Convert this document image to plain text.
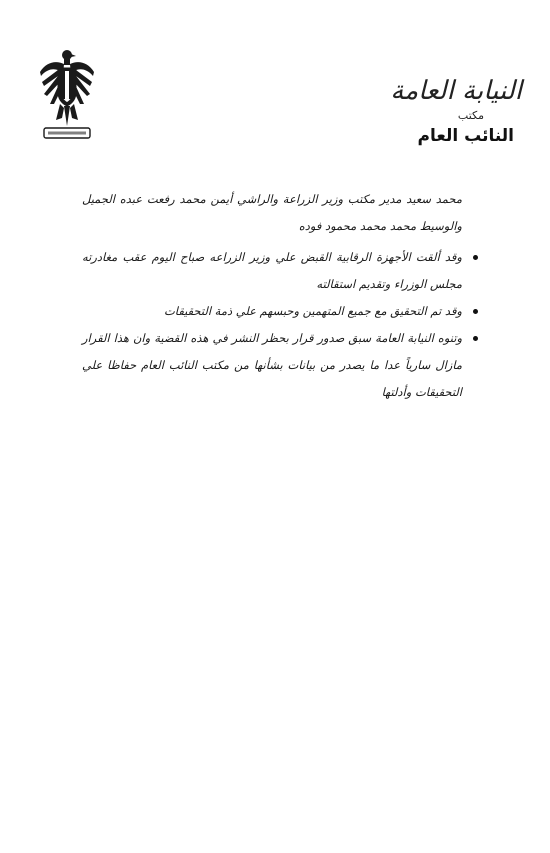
النيابة العامة
مكتب
النائب العام

محمد سعيد مدير مكتب وزير الزراعة والراشي أيمن محمد رفعت عبده الجميل والوسيط محمد محمد محمود فوده

وقد ألقت الأجهزة الرقابية القبض علي وزير الزراعه صباح اليوم عقب مغادرته مجلس الوزراء وتقديم استقالته

وقد تم التحقيق مع جميع المتهمين وحبسهم علي ذمة التحقيقات

وتنوه النيابة العامة سبق صدور قرار بحظر النشر في هذه القضية وان هذا القرار مازال سارياً عدا ما يصدر من بيانات بشأنها من مكتب النائب العام حفاظا علي التحقيقات وأدلتها
